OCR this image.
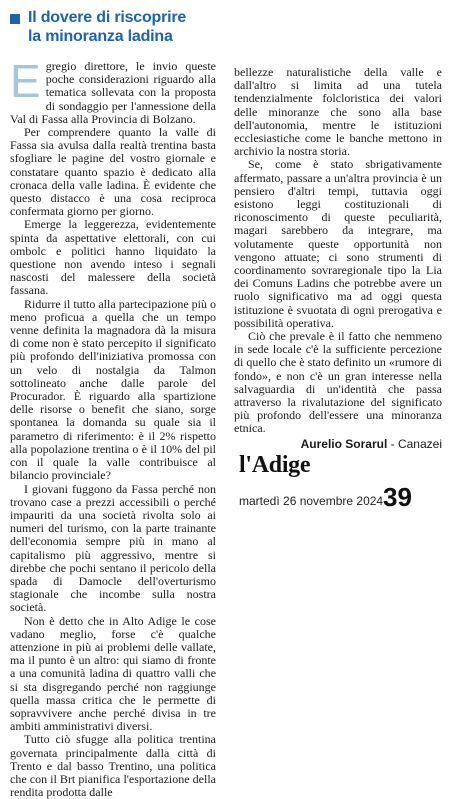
Il dovere di riscoprire
la minoranza ladina

Egregio direttore, le invio queste poche considerazioni riguardo alla tematica sollevata con la proposta di sondaggio per l'annessione della Val di Fassa alla Provincia di Bolzano.

Per comprendere quanto la valle di Fassa sia avulsa dalla realtà trentina basta sfogliare le pagine del vostro giornale e constatare quanto spazio è dedicato alla cronaca della valle ladina. È evidente che questo distacco è una cosa reciproca confermata giorno per giorno.

Emerge la leggerezza, evidentemente spinta da aspettative elettorali, con cui ombolc e politici hanno liquidato la questione non avendo inteso i segnali nascosti del malessere della società fassana.

Ridurre il tutto alla partecipazione più o meno proficua a quella che un tempo venne definita la magnadora dà la misura di come non è stato percepito il significato più profondo dell'iniziativa promossa con un velo di nostalgia da Talmon sottolineato anche dalle parole del Procurador. È riguardo alla spartizione delle risorse o benefit che siano, sorge spontanea la domanda su quale sia il parametro di riferimento: è il 2% rispetto alla popolazione trentina o è il 10% del pil con il quale la valle contribuisce al bilancio provinciale?

I giovani fuggono da Fassa perché non trovano case a prezzi accessibili o perché impauriti da una società rivolta solo ai numeri del turismo, con la parte trainante dell'economia sempre più in mano al capitalismo più aggressivo, mentre si direbbe che pochi sentano il pericolo della spada di Damocle dell'overturismo stagionale che incombe sulla nostra società.

Non è detto che in Alto Adige le cose vadano meglio, forse c'è qualche attenzione in più ai problemi delle vallate, ma il punto è un altro: qui siamo di fronte a una comunità ladina di quattro valli che si sta disgregando perché non raggiunge quella massa critica che le permette di sopravvivere anche perché divisa in tre ambiti amministrativi diversi.

Tutto ciò sfugge alla politica trentina governata principalmente dalla città di Trento e dal basso Trentino, una politica che con il Brt pianifica l'esportazione della rendita prodotta dalle

bellezze naturalistiche della valle e dall'altro si limita ad una tutela tendenzialmente folcloristica dei valori delle minoranze che sono alla base dell'autonomia, mentre le istituzioni ecclesiastiche come le banche mettono in archivio la nostra storia.

Se, come è stato sbrigativamente affermato, passare a un'altra provincia è un pensiero d'altri tempi, tuttavia oggi esistono leggi costituzionali di riconoscimento di queste peculiarità, magari sarebbero da integrare, ma volutamente queste opportunità non vengono attuate; ci sono strumenti di coordinamento sovraregionale tipo la Lia dei Comuns Ladins che potrebbe avere un ruolo significativo ma ad oggi questa istituzione è svuotata di ogni prerogativa e possibilità operativa.

Ciò che prevale è il fatto che nemmeno in sede locale c'è la sufficiente percezione di quello che è stato definito un «rumore di fondo», e non c'è un gran interesse nella salvaguardia di un'identità che passa attraverso la rivalutazione del significato più profondo dell'essere una minoranza etnica.

Aurelio Sorarul - Canazei
l'Adige
martedì 26 novembre 2024 39
